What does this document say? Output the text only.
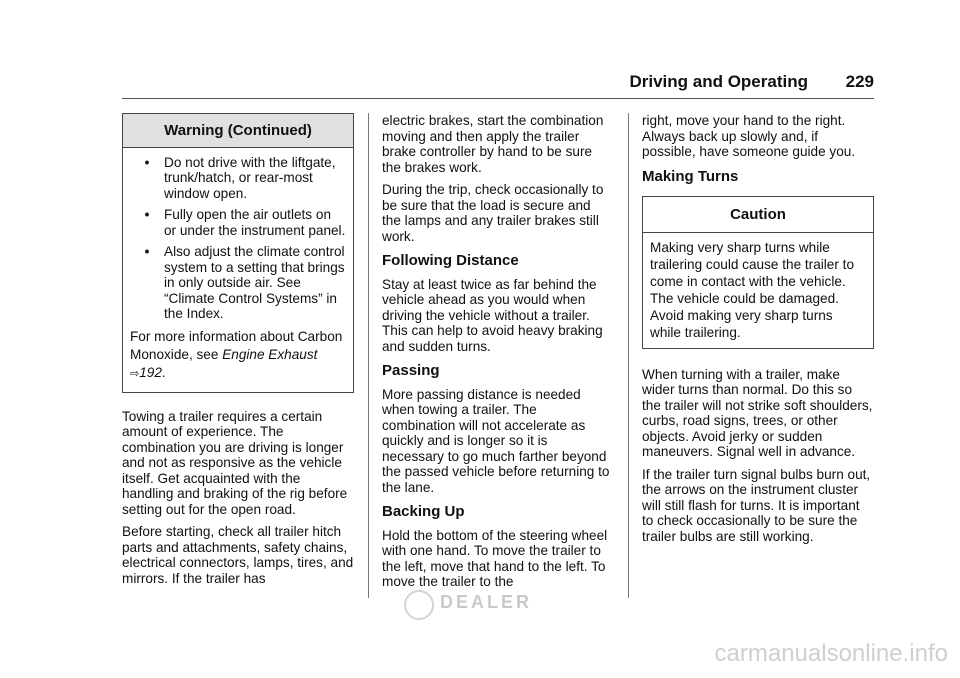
Driving and Operating 229
Warning (Continued)
•	Do not drive with the liftgate, trunk/hatch, or rear-most window open.
•	Fully open the air outlets on or under the instrument panel.
•	Also adjust the climate control system to a setting that brings in only outside air. See “Climate Control Systems” in the Index.
For more information about Carbon Monoxide, see Engine Exhaust ⇨192.

Towing a trailer requires a certain amount of experience. The combination you are driving is longer and not as responsive as the vehicle itself. Get acquainted with the handling and braking of the rig before setting out for the open road.

Before starting, check all trailer hitch parts and attachments, safety chains, electrical connectors, lamps, tires, and mirrors. If the trailer has

electric brakes, start the combination moving and then apply the trailer brake controller by hand to be sure the brakes work.

During the trip, check occasionally to be sure that the load is secure and the lamps and any trailer brakes still work.

Following Distance

Stay at least twice as far behind the vehicle ahead as you would when driving the vehicle without a trailer. This can help to avoid heavy braking and sudden turns.

Passing

More passing distance is needed when towing a trailer. The combination will not accelerate as quickly and is longer so it is necessary to go much farther beyond the passed vehicle before returning to the lane.

Backing Up

Hold the bottom of the steering wheel with one hand. To move the trailer to the left, move that hand to the left. To move the trailer to the

right, move your hand to the right. Always back up slowly and, if possible, have someone guide you.

Making Turns
Caution
Making very sharp turns while trailering could cause the trailer to come in contact with the vehicle. The vehicle could be damaged. Avoid making very sharp turns while trailering.

When turning with a trailer, make wider turns than normal. Do this so the trailer will not strike soft shoulders, curbs, road signs, trees, or other objects. Avoid jerky or sudden maneuvers. Signal well in advance.

If the trailer turn signal bulbs burn out, the arrows on the instrument cluster will still flash for turns. It is important to check occasionally to be sure the trailer bulbs are still working.

DEALER
carmanualsonline.info
